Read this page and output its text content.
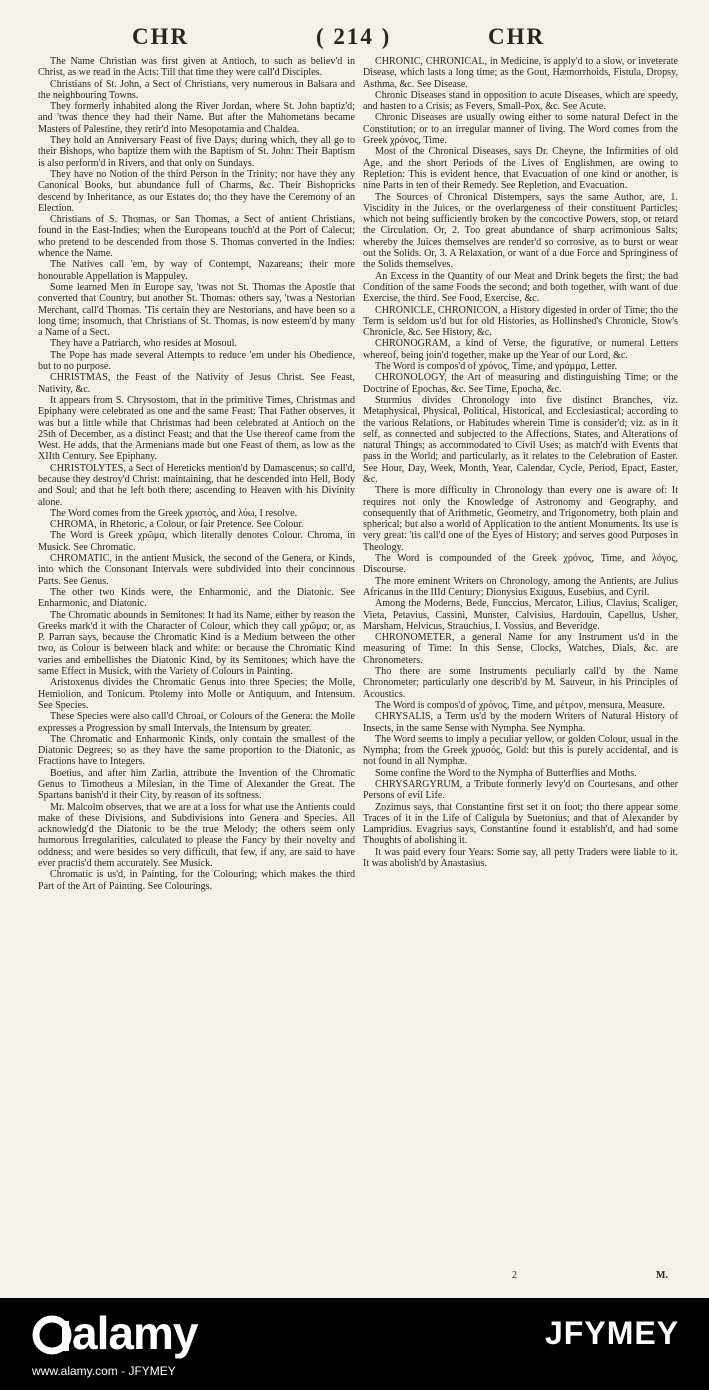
CHR	( 214 )	CHR

The Name Christian was first given at Antioch, to such as believ'd in Christ, as we read in the Acts: Till that time they were call'd Disciples.

Christians of St. John, a Sect of Christians, very numerous in Balsara and the neighbouring Towns.

They formerly inhabited along the River Jordan, where St. John baptiz'd; and 'twas thence they had their Name. But after the Mahometans became Masters of Palestine, they retir'd into Mesopotamia and Chaldea.

They hold an Anniversary Feast of five Days; during which, they all go to their Bishops, who baptize them with the Baptism of St. John: Their Baptism is also perform'd in Rivers, and that only on Sundays.

They have no Notion of the third Person in the Trinity; nor have they any Canonical Books, but abundance full of Charms, &c. Their Bishopricks descend by Inheritance, as our Estates do; tho they have the Ceremony of an Election.

Christians of S. Thomas, or San Thomas, a Sect of antient Christians, found in the East-Indies; when the Europeans touch'd at the Port of Calecut; who pretend to be descended from those S. Thomas converted in the Indies: whence the Name.

The Natives call 'em, by way of Contempt, Nazareans; their more honourable Appellation is Mappuley.

Some learned Men in Europe say, 'twas not St. Thomas the Apostle that converted that Country, but another St. Thomas: others say, 'twas a Nestorian Merchant, call'd Thomas. 'Tis certain they are Nestorians, and have been so a long time; insomuch, that Christians of St. Thomas, is now esteem'd by many a Name of a Sect.

They have a Patriarch, who resides at Mosoul.

The Pope has made several Attempts to reduce 'em under his Obedience, but to no purpose.

CHRISTMAS, the Feast of the Nativity of Jesus Christ. See Feast, Nativity, &c.

It appears from S. Chrysostom, that in the primitive Times, Christmas and Epiphany were celebrated as one and the same Feast: That Father observes, it was but a little while that Christmas had been celebrated at Antioch on the 25th of December, as a distinct Feast; and that the Use thereof came from the West. He adds, that the Armenians made but one Feast of them, as low as the XIIth Century. See Epiphany.

CHRISTOLYTES, a Sect of Hereticks mention'd by Damascenus; so call'd, because they destroy'd Christ: maintaining, that he descended into Hell, Body and Soul; and that he left both there; ascending to Heaven with his Divinity alone.

The Word comes from the Greek χριστός, and λύω, I resolve.

CHROMA, in Rhetoric, a Colour, or fair Pretence. See Colour.

The Word is Greek χρῶμα, which literally denotes Colour. Chroma, in Musick. See Chromatic.

CHROMATIC, in the antient Musick, the second of the Genera, or Kinds, into which the Consonant Intervals were subdivided into their concinnous Parts. See Genus.

The other two Kinds were, the Enharmonic, and the Diatonic. See Enharmonic, and Diatonic.

The Chromatic abounds in Semitones: It had its Name, either by reason the Greeks mark'd it with the Character of Colour, which they call χρῶμα; or, as P. Parran says, because the Chromatic Kind is a Medium between the other two, as Colour is between black and white: or because the Chromatic Kind varies and embellishes the Diatonic Kind, by its Semitones; which have the same Effect in Musick, with the Variety of Colours in Painting.

Aristoxenus divides the Chromatic Genus into three Species; the Molle, Hemiolion, and Tonicum. Ptolemy into Molle or Antiquum, and Intensum. See Species.

These Species were also call'd Chroai, or Colours of the Genera: the Molle expresses a Progression by small Intervals, the Intensum by greater.

The Chromatic and Enharmonic Kinds, only contain the smallest of the Diatonic Degrees; so as they have the same proportion to the Diatonic, as Fractions have to Integers.

Boetius, and after him Zarlin, attribute the Invention of the Chromatic Genus to Timotheus a Milesian, in the Time of Alexander the Great. The Spartans banish'd it their City, by reason of its softness.

Mr. Malcolm observes, that we are at a loss for what use the Antients could make of these Divisions, and Subdivisions into Genera and Species. All acknowledg'd the Diatonic to be the true Melody; the others seem only humorous Irregularities, calculated to please the Fancy by their novelty and oddness; and were besides so very difficult, that few, if any, are said to have ever practis'd them accurately. See Musick.

Chromatic is us'd, in Painting, for the Colouring; which makes the third Part of the Art of Painting. See Colourings.

CHRONIC, CHRONICAL, in Medicine, is apply'd to a slow, or inveterate Disease, which lasts a long time; as the Gout, Hæmorrhoids, Fistula, Dropsy, Asthma, &c. See Disease.

Chronic Diseases stand in opposition to acute Diseases, which are speedy, and hasten to a Crisis; as Fevers, Small-Pox, &c. See Acute.

Chronic Diseases are usually owing either to some natural Defect in the Constitution; or to an irregular manner of living. The Word comes from the Greek χρόνος, Time.

Most of the Chronical Diseases, says Dr. Cheyne, the Infirmities of old Age, and the short Periods of the Lives of Englishmen, are owing to Repletion: This is evident hence, that Evacuation of one kind or another, is nine Parts in ten of their Remedy. See Repletion, and Evacuation.

The Sources of Chronical Distempers, says the same Author, are, 1. Viscidity in the Juices, or the overlargeness of their constituent Particles; which not being sufficiently broken by the concoctive Powers, stop, or retard the Circulation. Or, 2. Too great abundance of sharp acrimonious Salts; whereby the Juices themselves are render'd so corrosive, as to burst or wear out the Solids. Or, 3. A Relaxation, or want of a due Force and Springiness of the Solids themselves.

An Excess in the Quantity of our Meat and Drink begets the first; the bad Condition of the same Foods the second; and both together, with want of due Exercise, the third. See Food, Exercise, &c.

CHRONICLE, CHRONICON, a History digested in order of Time; tho the Term is seldom us'd but for old Histories, as Hollinshed's Chronicle, Stow's Chronicle, &c. See History, &c.

CHRONOGRAM, a kind of Verse, the figurative, or numeral Letters whereof, being join'd together, make up the Year of our Lord, &c.

The Word is compos'd of χρόνος, Time, and γράμμα, Letter.

CHRONOLOGY, the Art of measuring and distinguishing Time; or the Doctrine of Epochas, &c. See Time, Epocha, &c.

Sturmius divides Chronology into five distinct Branches, viz. Metaphysical, Physical, Political, Historical, and Ecclesiastical; according to the various Relations, or Habitudes wherein Time is consider'd; viz. as in it self, as connected and subjected to the Affections, States, and Alterations of natural Things; as accommodated to Civil Uses; as match'd with Events that pass in the World; and particularly, as it relates to the Celebration of Easter. See Hour, Day, Week, Month, Year, Calendar, Cycle, Period, Epact, Easter, &c.

There is more difficulty in Chronology than every one is aware of: It requires not only the Knowledge of Astronomy and Geography, and consequently that of Arithmetic, Geometry, and Trigonometry, both plain and spherical; but also a world of Application to the antient Monuments. Its use is very great: 'tis call'd one of the Eyes of History; and serves good Purposes in Theology.

The Word is compounded of the Greek χρόνος, Time, and λόγος, Discourse.

The more eminent Writers on Chronology, among the Antients, are Julius Africanus in the IIId Century; Dionysius Exiguus, Eusebius, and Cyril.

Among the Moderns, Bede, Funccius, Mercator, Lilius, Clavius, Scaliger, Vieta, Petavius, Cassini, Munster, Calvisius, Hardouin, Capellus, Usher, Marsham, Helvicus, Strauchius, I. Vossius, and Beveridge.

CHRONOMETER, a general Name for any Instrument us'd in the measuring of Time: In this Sense, Clocks, Watches, Dials, &c. are Chronometers.

Tho there are some Instruments peculiarly call'd by the Name Chronometer; particularly one describ'd by M. Sauveur, in his Principles of Acoustics.

The Word is compos'd of χρόνος, Time, and μέτρον, mensura, Measure.

CHRYSALIS, a Term us'd by the modern Writers of Natural History of Insects, in the same Sense with Nympha. See Nympha.

The Word seems to imply a peculiar yellow, or golden Colour, usual in the Nympha; from the Greek χρυσός, Gold: but this is purely accidental, and is not found in all Nymphæ.

Some confine the Word to the Nympha of Butterflies and Moths.

CHRYSARGYRUM, a Tribute formerly levy'd on Courtesans, and other Persons of evil Life.

Zozimus says, that Constantine first set it on foot; tho there appear some Traces of it in the Life of Caligula by Suetonius; and that of Alexander by Lampridius. Evagrius says, Constantine found it establish'd, and had some Thoughts of abolishing it.

It was paid every four Years: Some say, all petty Traders were liable to it. It was abolish'd by Anastasius.

2	M.
alamy	JFYMEY
www.alamy.com - JFYMEY
